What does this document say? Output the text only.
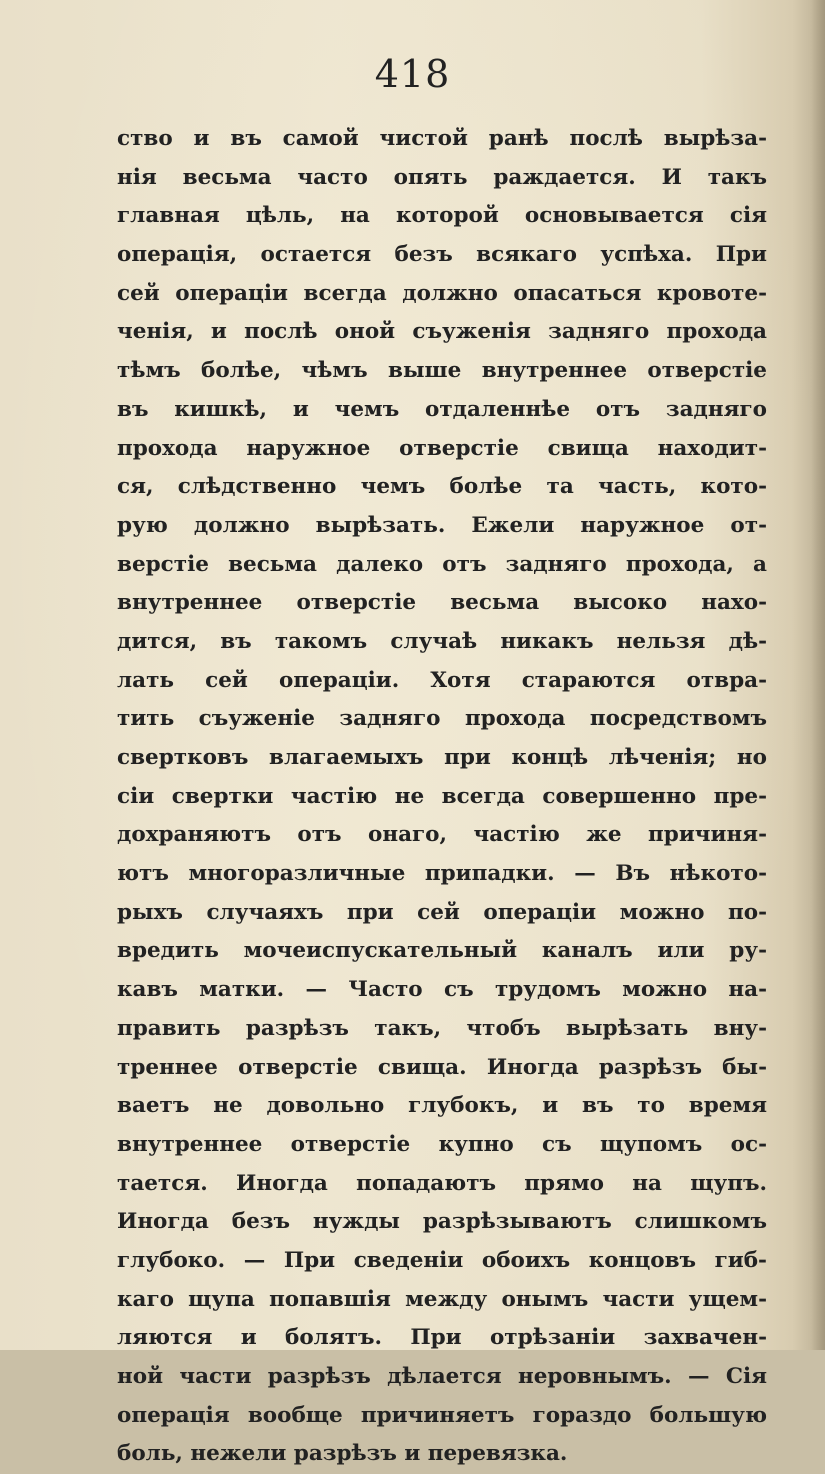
418
ство и въ самой чистой ранѣ послѣ вырѣза-
нія весьма часто опять раждается. И такъ
главная цѣль, на которой основывается сія
операція, остается безъ всякаго успѣха. При
сей операціи всегда должно опасаться кровоте-
ченія, и послѣ оной съуженія задняго прохода
тѣмъ болѣе, чѣмъ выше внутреннее отверстіе
въ кишкѣ, и чемъ отдаленнѣе отъ задняго
прохода наружное отверстіе свища находит-
ся, слѣдственно чемъ болѣе та часть, кото-
рую должно вырѣзать. Ежели наружное от-
верстіе весьма далеко отъ задняго прохода, а
внутреннее отверстіе весьма высоко нахо-
дится, въ такомъ случаѣ никакъ нельзя дѣ-
лать сей операціи. Хотя стараются отвра-
тить съуженіе задняго прохода посредствомъ
свертковъ влагаемыхъ при концѣ лѣченія; но
сіи свертки частію не всегда совершенно пре-
дохраняютъ отъ онаго, частію же причиня-
ютъ многоразличные припадки. — Въ нѣкото-
рыхъ случаяхъ при сей операціи можно по-
вредить мочеиспускательный каналъ или ру-
кавъ матки. — Часто съ трудомъ можно на-
править разрѣзъ такъ, чтобъ вырѣзать вну-
треннее отверстіе свища. Иногда разрѣзъ бы-
ваетъ не довольно глубокъ, и въ то время
внутреннее отверстіе купно съ щупомъ ос-
тается. Иногда попадаютъ прямо на щупъ.
Иногда безъ нужды разрѣзываютъ слишкомъ
глубоко. — При сведеніи обоихъ концовъ гиб-
каго щупа попавшія между онымъ части ущем-
ляются и болятъ. При отрѣзаніи захвачен-
ной части разрѣзъ дѣлается неровнымъ. — Сія
операція вообще причиняетъ гораздо большую
боль, нежели разрѣзъ и перевязка.
